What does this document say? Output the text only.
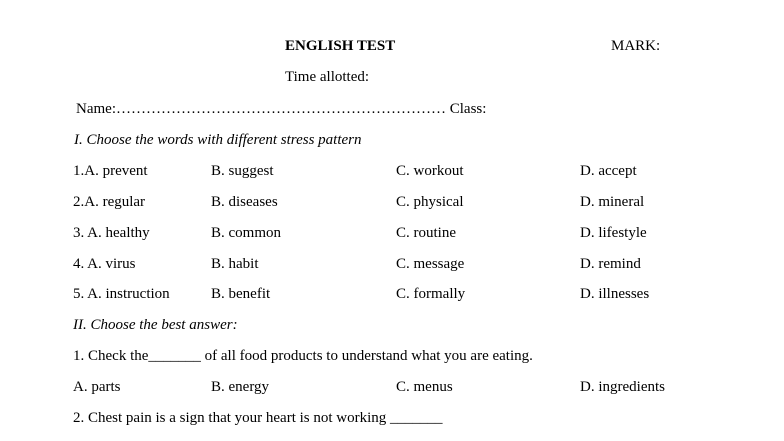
ENGLISH TEST	MARK:
Time allotted:
Name:………………………………………………………… Class:
I. Choose the words with different stress pattern
1.A. prevent	B. suggest	C. workout	D. accept
2.A. regular	B. diseases	C. physical	D. mineral
3. A. healthy	B. common	C. routine	D. lifestyle
4. A. virus	B. habit	C. message	D. remind
5. A. instruction	B. benefit	C. formally	D. illnesses
II. Choose the best answer:
1. Check the_______ of all food products to understand what you are eating.
A. parts	B. energy	C. menus	D. ingredients
2. Chest pain is a sign that your heart is not working _______
